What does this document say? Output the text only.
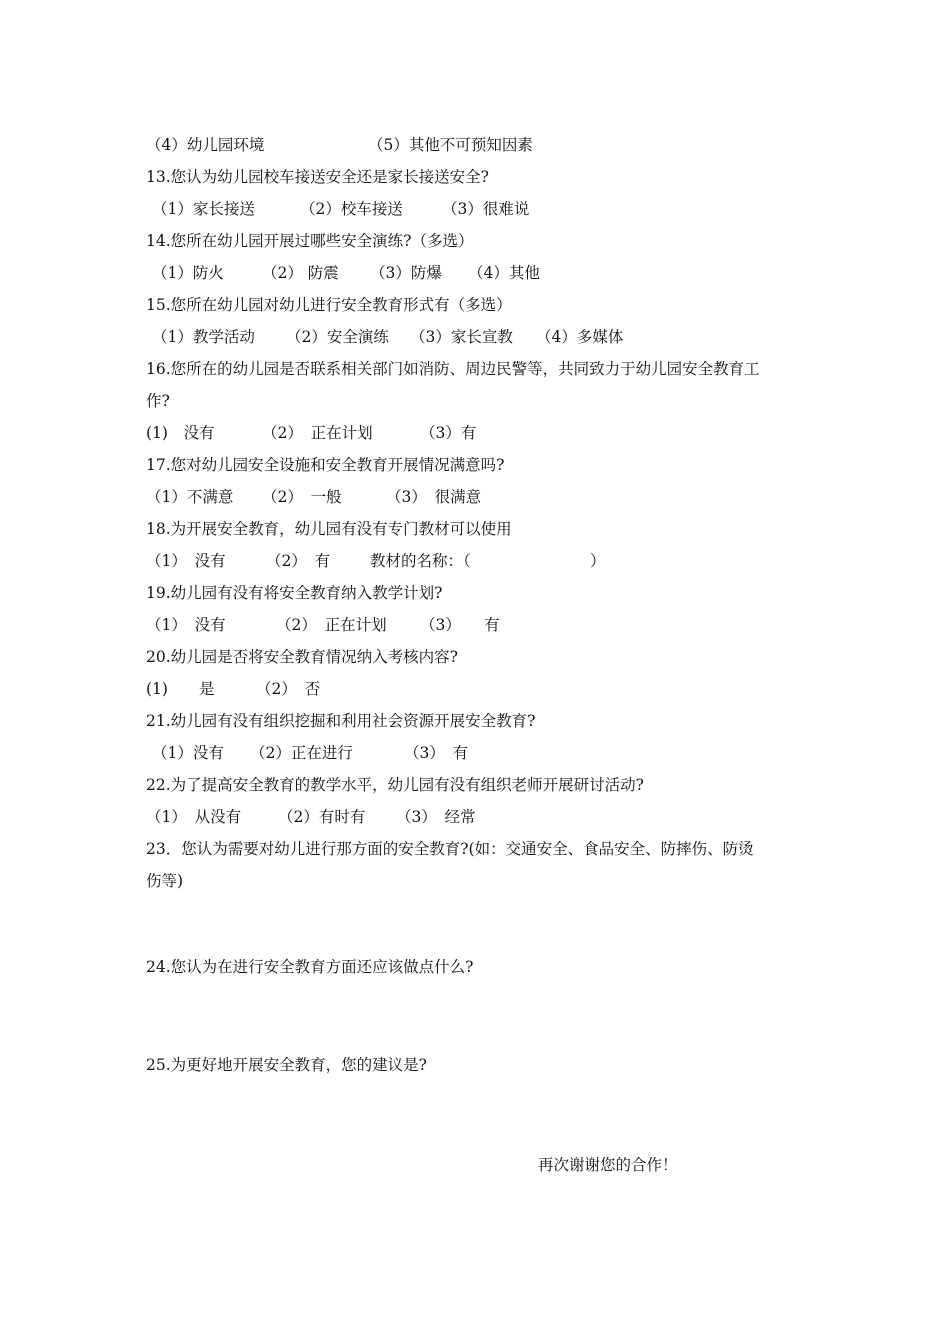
（4）幼儿园环境	（5）其他不可预知因素
13.您认为幼儿园校车接送安全还是家长接送安全?
（1）家长接送	（2）校车接送	（3）很难说
14.您所在幼儿园开展过哪些安全演练?（多选）
（1）防火 （2） 防震 （3）防爆 （4）其他
15.您所在幼儿园对幼儿进行安全教育形式有（多选）
（1）教学活动 （2）安全演练 （3）家长宣教 （4）多媒体
16.您所在的幼儿园是否联系相关部门如消防、周边民警等，共同致力于幼儿园安全教育工
作?
(1)　没有	（2）　正在计划	（3）有
17.您对幼儿园安全设施和安全教育开展情况满意吗?
（1）不满意 （2）　一般	（3）　很满意
18.为开展安全教育，幼儿园有没有专门教材可以使用
（1）　没有	（2）　有	教材的名称：（	）
19.幼儿园有没有将安全教育纳入教学计划?
（1）　没有	（2）　正在计划 （3）　　有
20.幼儿园是否将安全教育情况纳入考核内容?
(1)　　是	（2）　否
21.幼儿园有没有组织挖掘和利用社会资源开展安全教育?
（1）没有 （2）正在进行	（3）　有
22.为了提高安全教育的教学水平，幼儿园有没有组织老师开展研讨活动?
（1）　从没有 （2）有时有 （3）　经常
23．您认为需要对幼儿进行那方面的安全教育?(如：交通安全、食品安全、防摔伤、防烫
伤等)
24.您认为在进行安全教育方面还应该做点什么?
25.为更好地开展安全教育，您的建议是?
再次谢谢您的合作！
